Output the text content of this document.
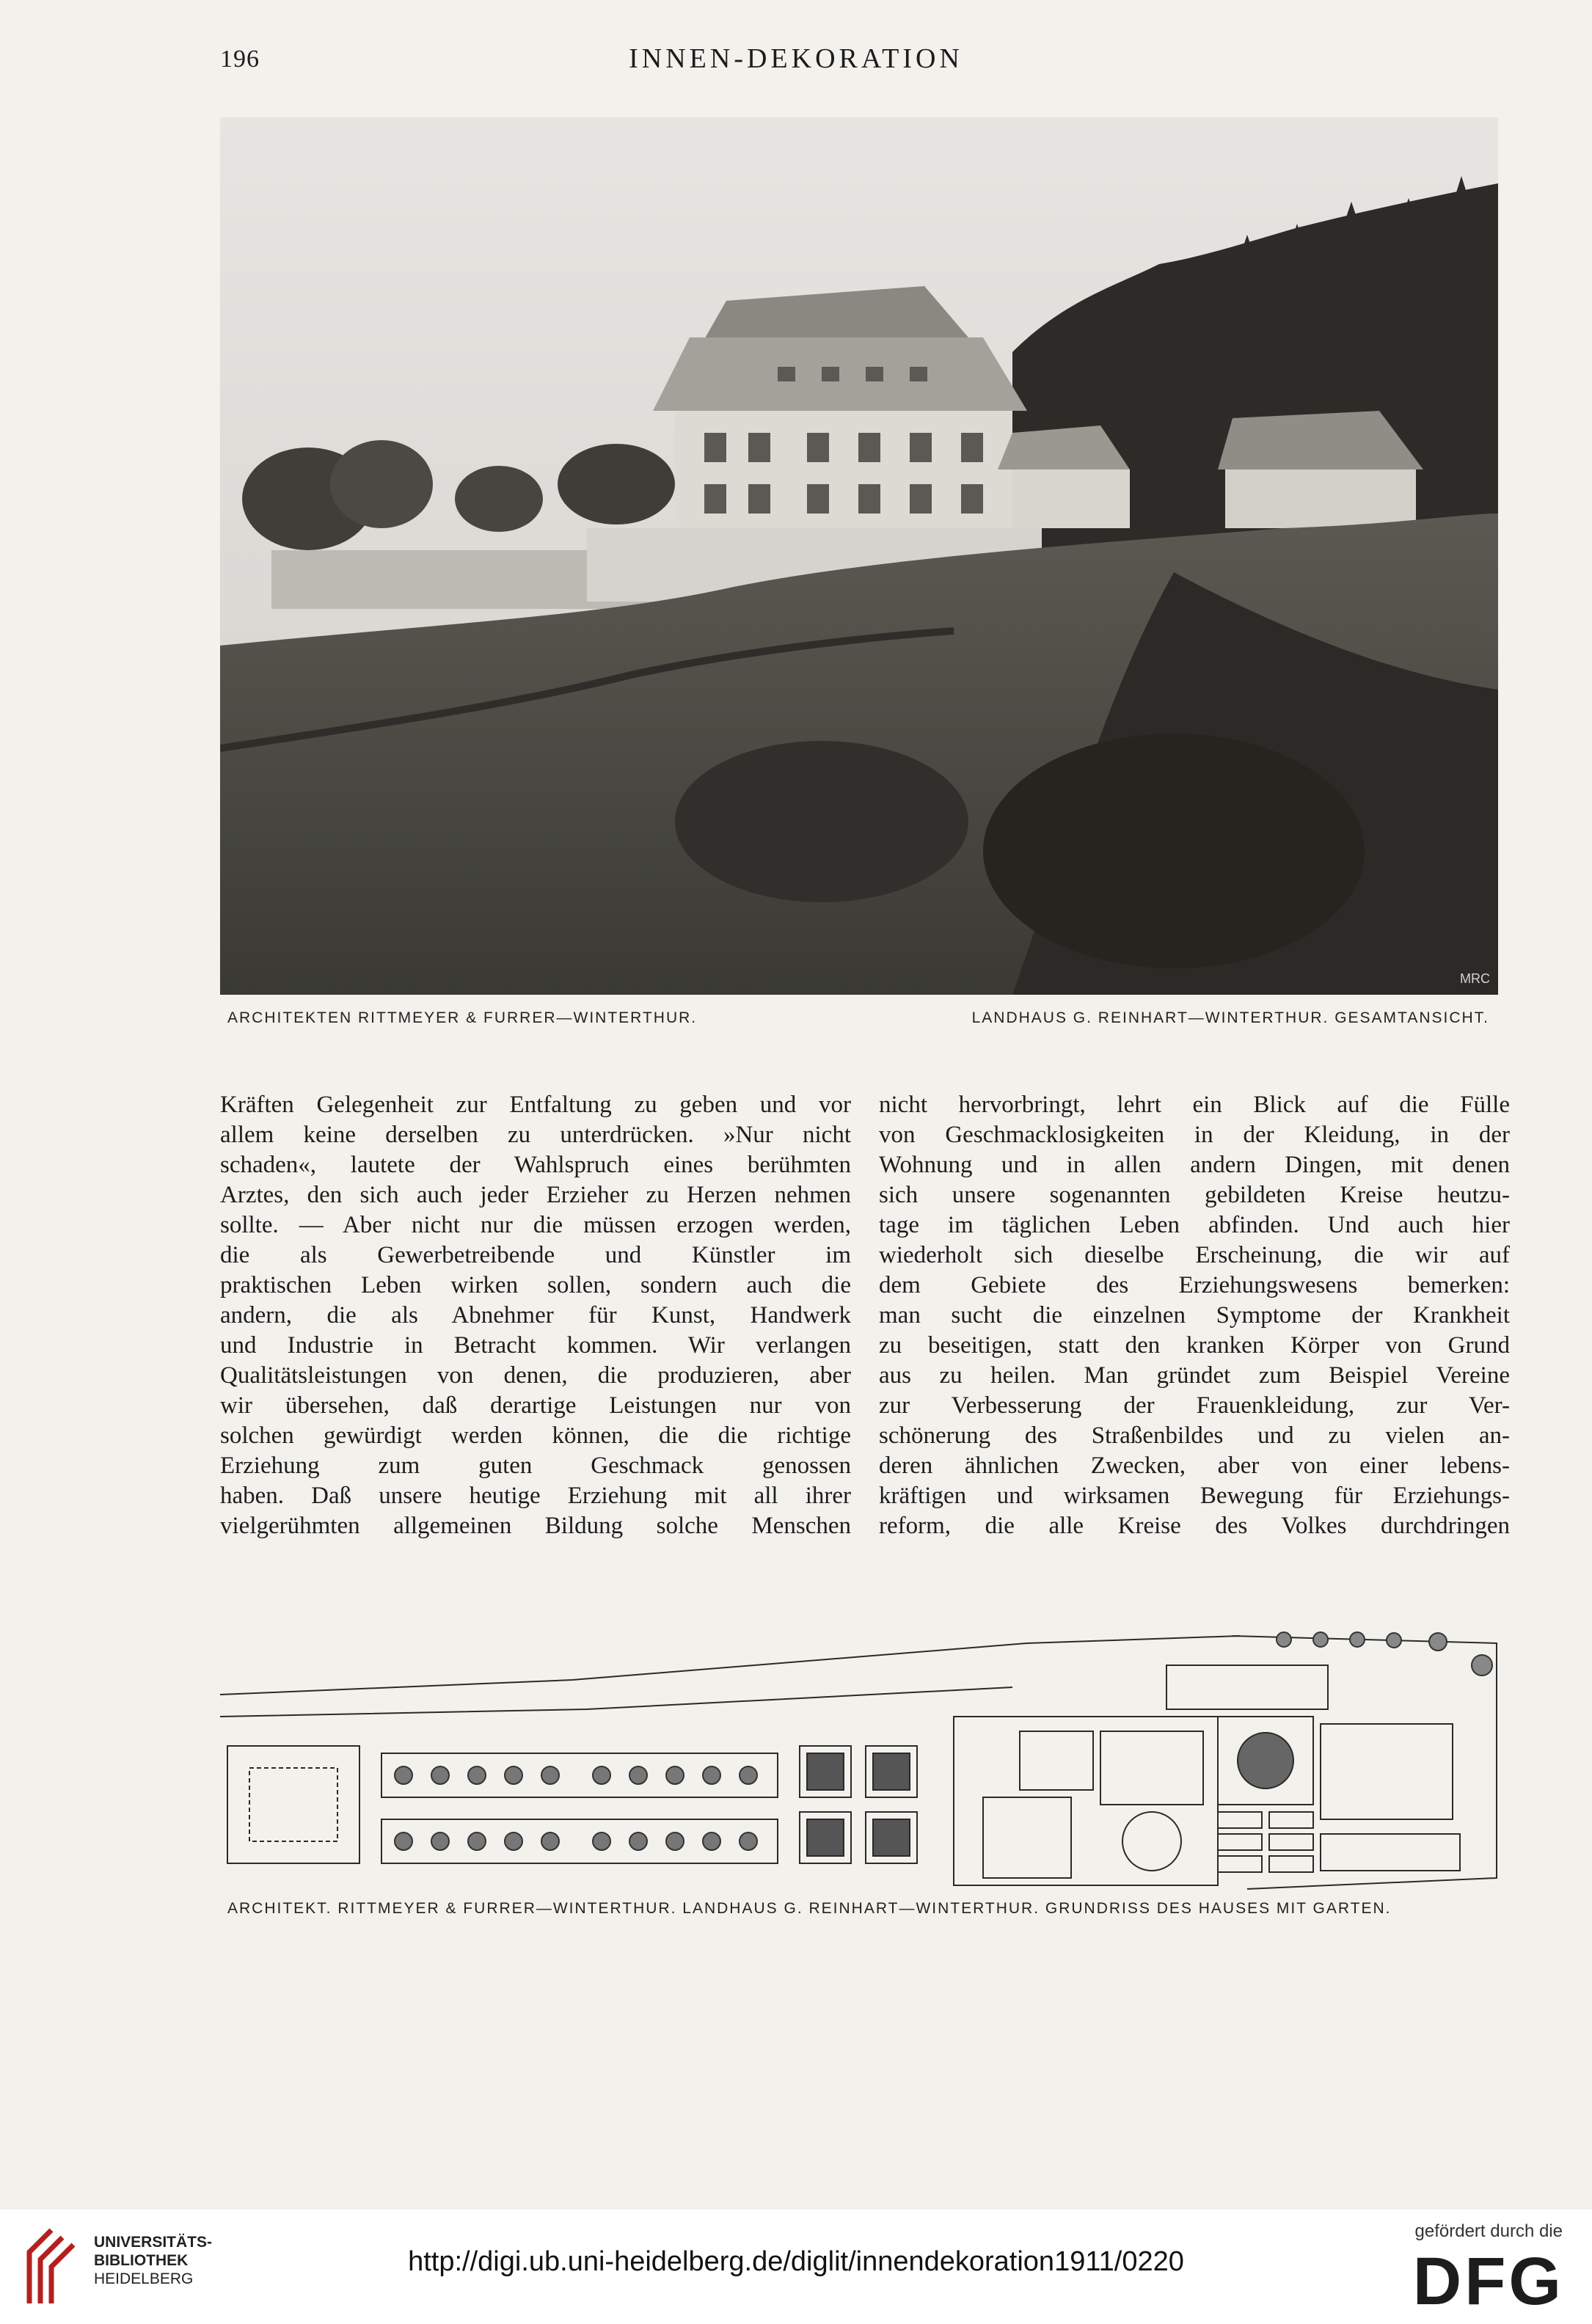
196	INNEN-DEKORATION
MRC
ARCHITEKTEN RITTMEYER & FURRER—WINTERTHUR.	LANDHAUS G. REINHART—WINTERTHUR. GESAMTANSICHT.
Kräften Gelegenheit zur Entfaltung zu geben und vor
allem keine derselben zu unterdrücken. »Nur nicht
schaden«, lautete der Wahlspruch eines berühmten
Arztes, den sich auch jeder Erzieher zu Herzen nehmen
sollte. — Aber nicht nur die müssen erzogen werden,
die als Gewerbetreibende und Künstler im
praktischen Leben wirken sollen, sondern auch die
andern, die als Abnehmer für Kunst, Handwerk
und Industrie in Betracht kommen. Wir verlangen
Qualitätsleistungen von denen, die produzieren, aber
wir übersehen, daß derartige Leistungen nur von
solchen gewürdigt werden können, die die richtige
Erziehung zum guten Geschmack genossen
haben. Daß unsere heutige Erziehung mit all ihrer
vielgerühmten allgemeinen Bildung solche Menschen
nicht hervorbringt, lehrt ein Blick auf die Fülle
von Geschmacklosigkeiten in der Kleidung, in der
Wohnung und in allen andern Dingen, mit denen
sich unsere sogenannten gebildeten Kreise heutzu-
tage im täglichen Leben abfinden. Und auch hier
wiederholt sich dieselbe Erscheinung, die wir auf
dem Gebiete des Erziehungswesens bemerken:
man sucht die einzelnen Symptome der Krankheit
zu beseitigen, statt den kranken Körper von Grund
aus zu heilen. Man gründet zum Beispiel Vereine
zur Verbesserung der Frauenkleidung, zur Ver-
schönerung des Straßenbildes und zu vielen an-
deren ähnlichen Zwecken, aber von einer lebens-
kräftigen und wirksamen Bewegung für Erziehungs-
reform, die alle Kreise des Volkes durchdringen
ARCHITEKT. RITTMEYER & FURRER—WINTERTHUR. LANDHAUS G. REINHART—WINTERTHUR. GRUNDRISS DES HAUSES MIT GARTEN.
UNIVERSITÄTS-
BIBLIOTHEK
HEIDELBERG
http://digi.ub.uni-heidelberg.de/diglit/innendekoration1911/0220
gefördert durch die
DFG
